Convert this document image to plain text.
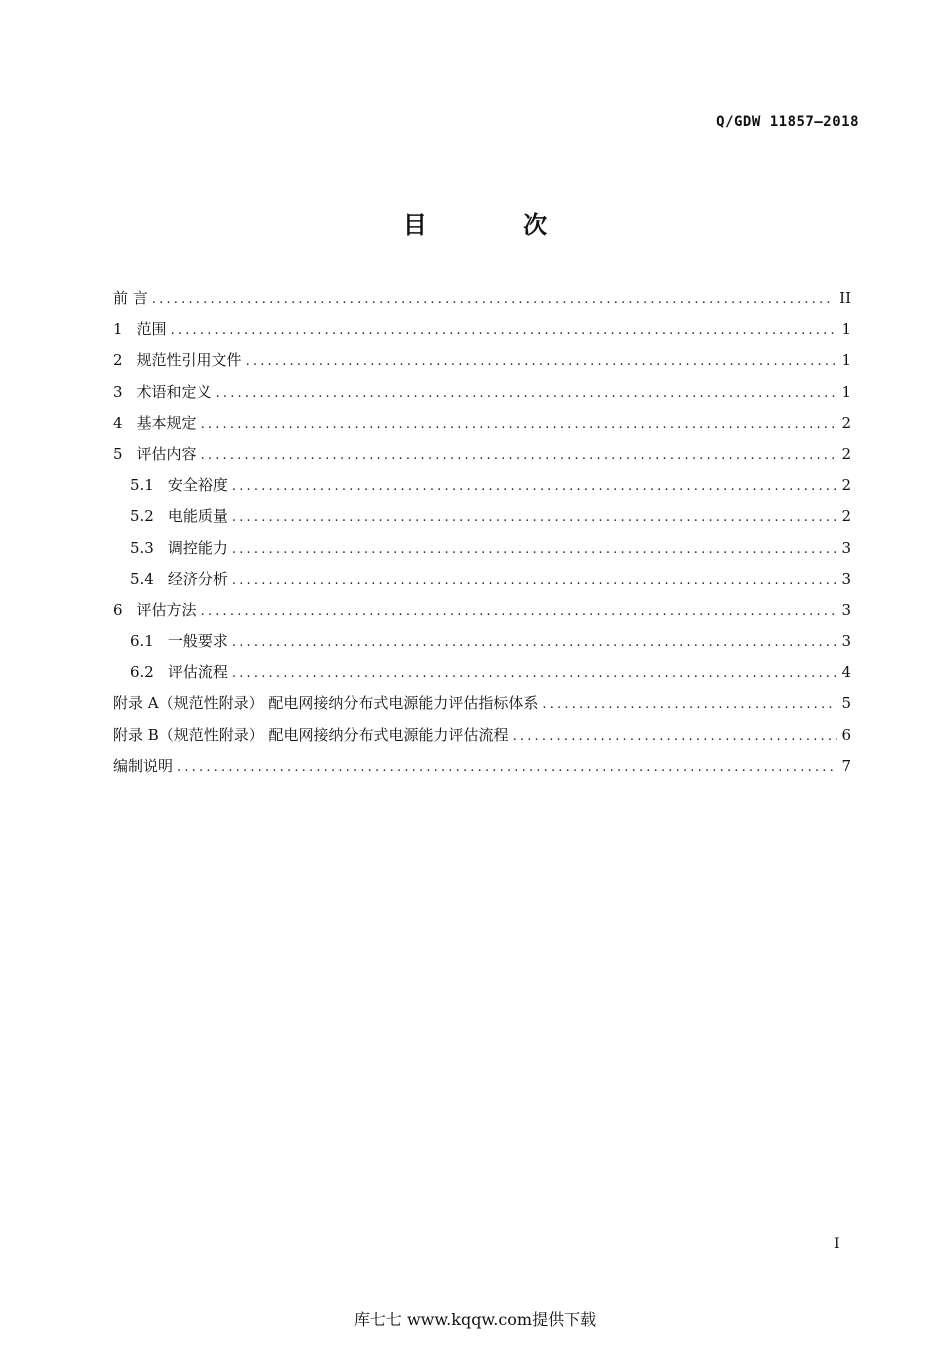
Q/GDW 11857—2018
目 次
前 言 .....	II
1 范围 .....	1
2 规范性引用文件 .....	1
3 术语和定义 .....	1
4 基本规定 .....	2
5 评估内容 .....	2
5.1 安全裕度 .....	2
5.2 电能质量 .....	2
5.3 调控能力 .....	3
5.4 经济分析 .....	3
6 评估方法 .....	3
6.1 一般要求 .....	3
6.2 评估流程 .....	4
附录 A（规范性附录） 配电网接纳分布式电源能力评估指标体系 .....	5
附录 B（规范性附录） 配电网接纳分布式电源能力评估流程 .....	6
编制说明 .....	7
I
库七七 www.kqqw.com提供下载
